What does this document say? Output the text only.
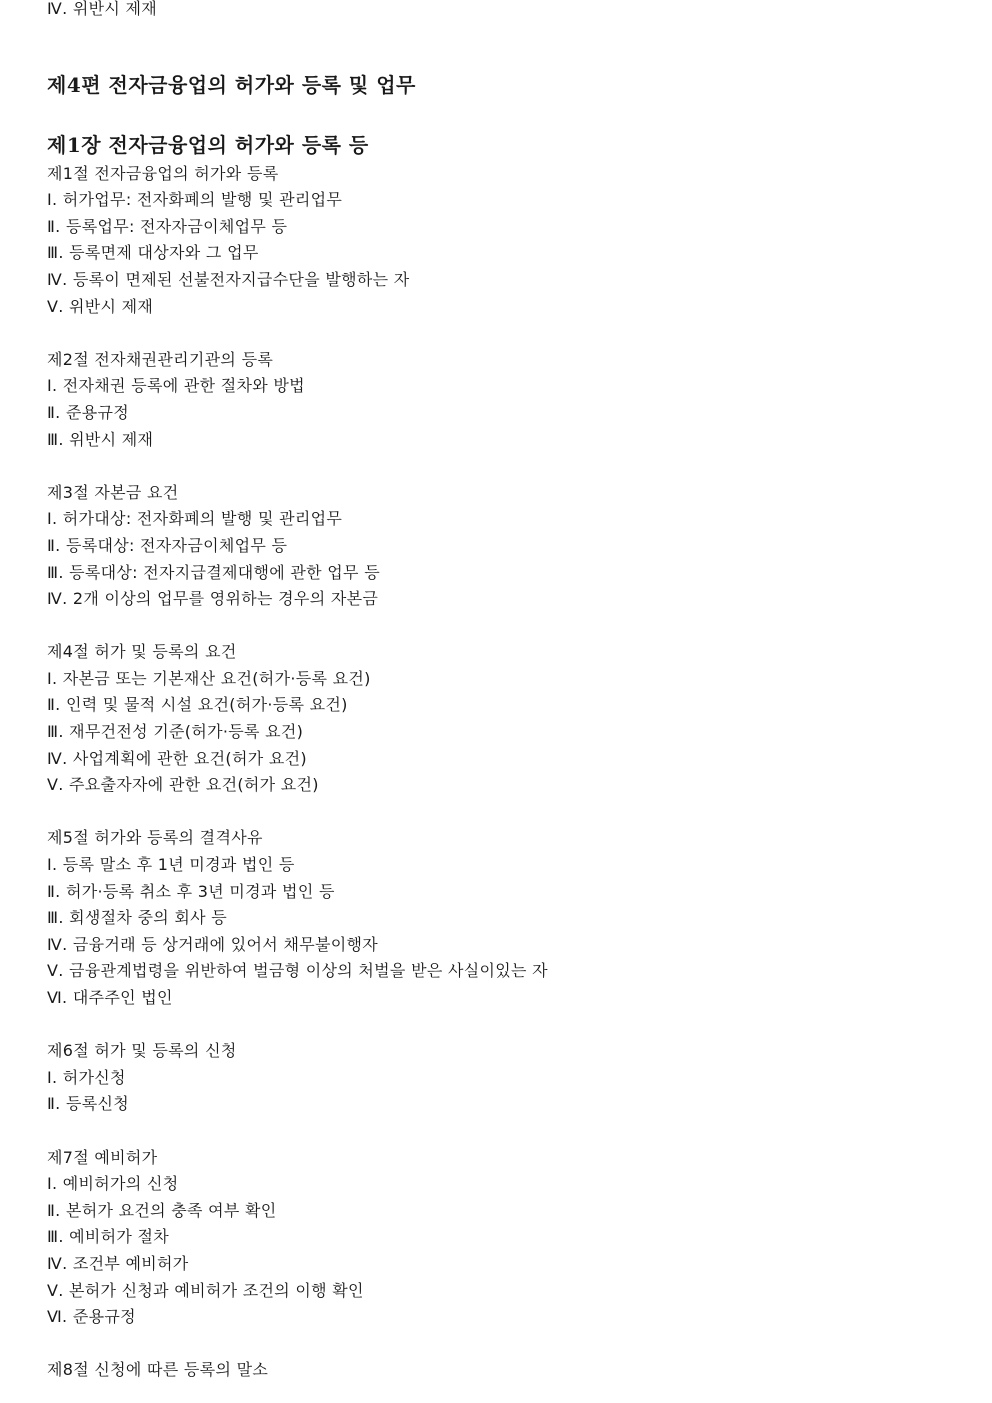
Ⅳ. 위반시 제재
제4편 전자금융업의 허가와 등록 및 업무
제1장 전자금융업의 허가와 등록 등
제1절 전자금융업의 허가와 등록
Ⅰ. 허가업무: 전자화폐의 발행 및 관리업무
Ⅱ. 등록업무: 전자자금이체업무 등
Ⅲ. 등록면제 대상자와 그 업무
Ⅳ. 등록이 면제된 선불전자지급수단을 발행하는 자
Ⅴ. 위반시 제재
제2절 전자채권관리기관의 등록
Ⅰ. 전자채권 등록에 관한 절차와 방법
Ⅱ. 준용규정
Ⅲ. 위반시 제재
제3절 자본금 요건
Ⅰ. 허가대상: 전자화폐의 발행 및 관리업무
Ⅱ. 등록대상: 전자자금이체업무 등
Ⅲ. 등록대상: 전자지급결제대행에 관한 업무 등
Ⅳ. 2개 이상의 업무를 영위하는 경우의 자본금
제4절 허가 및 등록의 요건
Ⅰ. 자본금 또는 기본재산 요건(허가·등록 요건)
Ⅱ. 인력 및 물적 시설 요건(허가·등록 요건)
Ⅲ. 재무건전성 기준(허가·등록 요건)
Ⅳ. 사업계획에 관한 요건(허가 요건)
Ⅴ. 주요출자자에 관한 요건(허가 요건)
제5절 허가와 등록의 결격사유
Ⅰ. 등록 말소 후 1년 미경과 법인 등
Ⅱ. 허가·등록 취소 후 3년 미경과 법인 등
Ⅲ. 회생절차 중의 회사 등
Ⅳ. 금융거래 등 상거래에 있어서 채무불이행자
Ⅴ. 금융관계법령을 위반하여 벌금형 이상의 처벌을 받은 사실이있는 자
Ⅵ. 대주주인 법인
제6절 허가 및 등록의 신청
Ⅰ. 허가신청
Ⅱ. 등록신청
제7절 예비허가
Ⅰ. 예비허가의 신청
Ⅱ. 본허가 요건의 충족 여부 확인
Ⅲ. 예비허가 절차
Ⅳ. 조건부 예비허가
Ⅴ. 본허가 신청과 예비허가 조건의 이행 확인
Ⅵ. 준용규정
제8절 신청에 따른 등록의 말소
